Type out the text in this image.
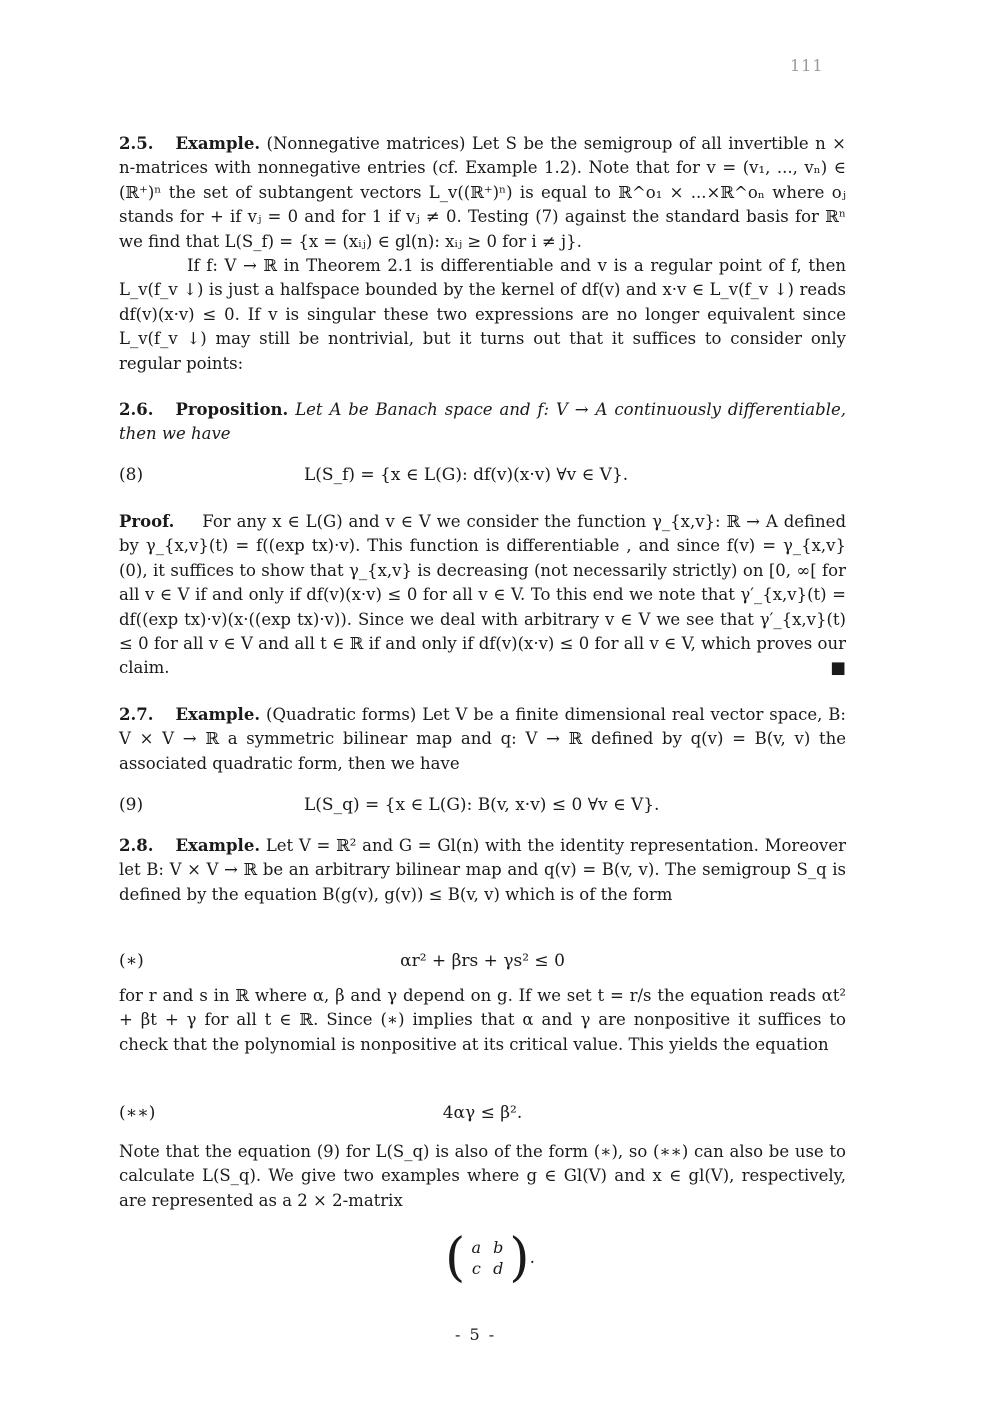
111
2.5. Example. (Nonnegative matrices) Let S be the semigroup of all invertible n × n-matrices with nonnegative entries (cf. Example 1.2). Note that for v = (v₁, ..., vₙ) ∈ (ℝ⁺)ⁿ the set of subtangent vectors L_v((ℝ⁺)ⁿ) is equal to ℝ^o₁ × ...×ℝ^oₙ where oⱼ stands for + if vⱼ = 0 and for 1 if vⱼ ≠ 0. Testing (7) against the standard basis for ℝⁿ we find that L(S_f) = {x = (xᵢⱼ) ∈ gl(n): xᵢⱼ ≥ 0 for i ≠ j}.
If f: V → ℝ in Theorem 2.1 is differentiable and v is a regular point of f, then L_v(f_v ↓) is just a halfspace bounded by the kernel of df(v) and x·v ∈ L_v(f_v ↓) reads df(v)(x·v) ≤ 0. If v is singular these two expressions are no longer equivalent since L_v(f_v ↓) may still be nontrivial, but it turns out that it suffices to consider only regular points:
2.6. Proposition. Let A be Banach space and f: V → A continuously differentiable, then we have
(8)	L(S_f) = {x ∈ L(G): df(v)(x·v) ∀v ∈ V}.
Proof. For any x ∈ L(G) and v ∈ V we consider the function γ_{x,v}: ℝ → A defined by γ_{x,v}(t) = f((exp tx)·v). This function is differentiable , and since f(v) = γ_{x,v}(0), it suffices to show that γ_{x,v} is decreasing (not necessarily strictly) on [0, ∞[ for all v ∈ V if and only if df(v)(x·v) ≤ 0 for all v ∈ V. To this end we note that γ′_{x,v}(t) = df((exp tx)·v)(x·((exp tx)·v)). Since we deal with arbitrary v ∈ V we see that γ′_{x,v}(t) ≤ 0 for all v ∈ V and all t ∈ ℝ if and only if df(v)(x·v) ≤ 0 for all v ∈ V, which proves our claim.	■
2.7. Example. (Quadratic forms) Let V be a finite dimensional real vector space, B: V × V → ℝ a symmetric bilinear map and q: V → ℝ defined by q(v) = B(v, v) the associated quadratic form, then we have
(9)	L(S_q) = {x ∈ L(G): B(v, x·v) ≤ 0 ∀v ∈ V}.
2.8. Example. Let V = ℝ² and G = Gl(n) with the identity representation. Moreover let B: V × V → ℝ be an arbitrary bilinear map and q(v) = B(v, v). The semigroup S_q is defined by the equation B(g(v), g(v)) ≤ B(v, v) which is of the form
(∗)	αr² + βrs + γs² ≤ 0
for r and s in ℝ where α, β and γ depend on g. If we set t = r/s the equation reads αt² + βt + γ for all t ∈ ℝ. Since (∗) implies that α and γ are nonpositive it suffices to check that the polynomial is nonpositive at its critical value. This yields the equation
(∗∗)	4αγ ≤ β².
Note that the equation (9) for L(S_q) is also of the form (∗), so (∗∗) can also be use to calculate L(S_q). We give two examples where g ∈ Gl(V) and x ∈ gl(V), respectively, are represented as a 2 × 2-matrix
( a b
c d ) .
- 5 -
